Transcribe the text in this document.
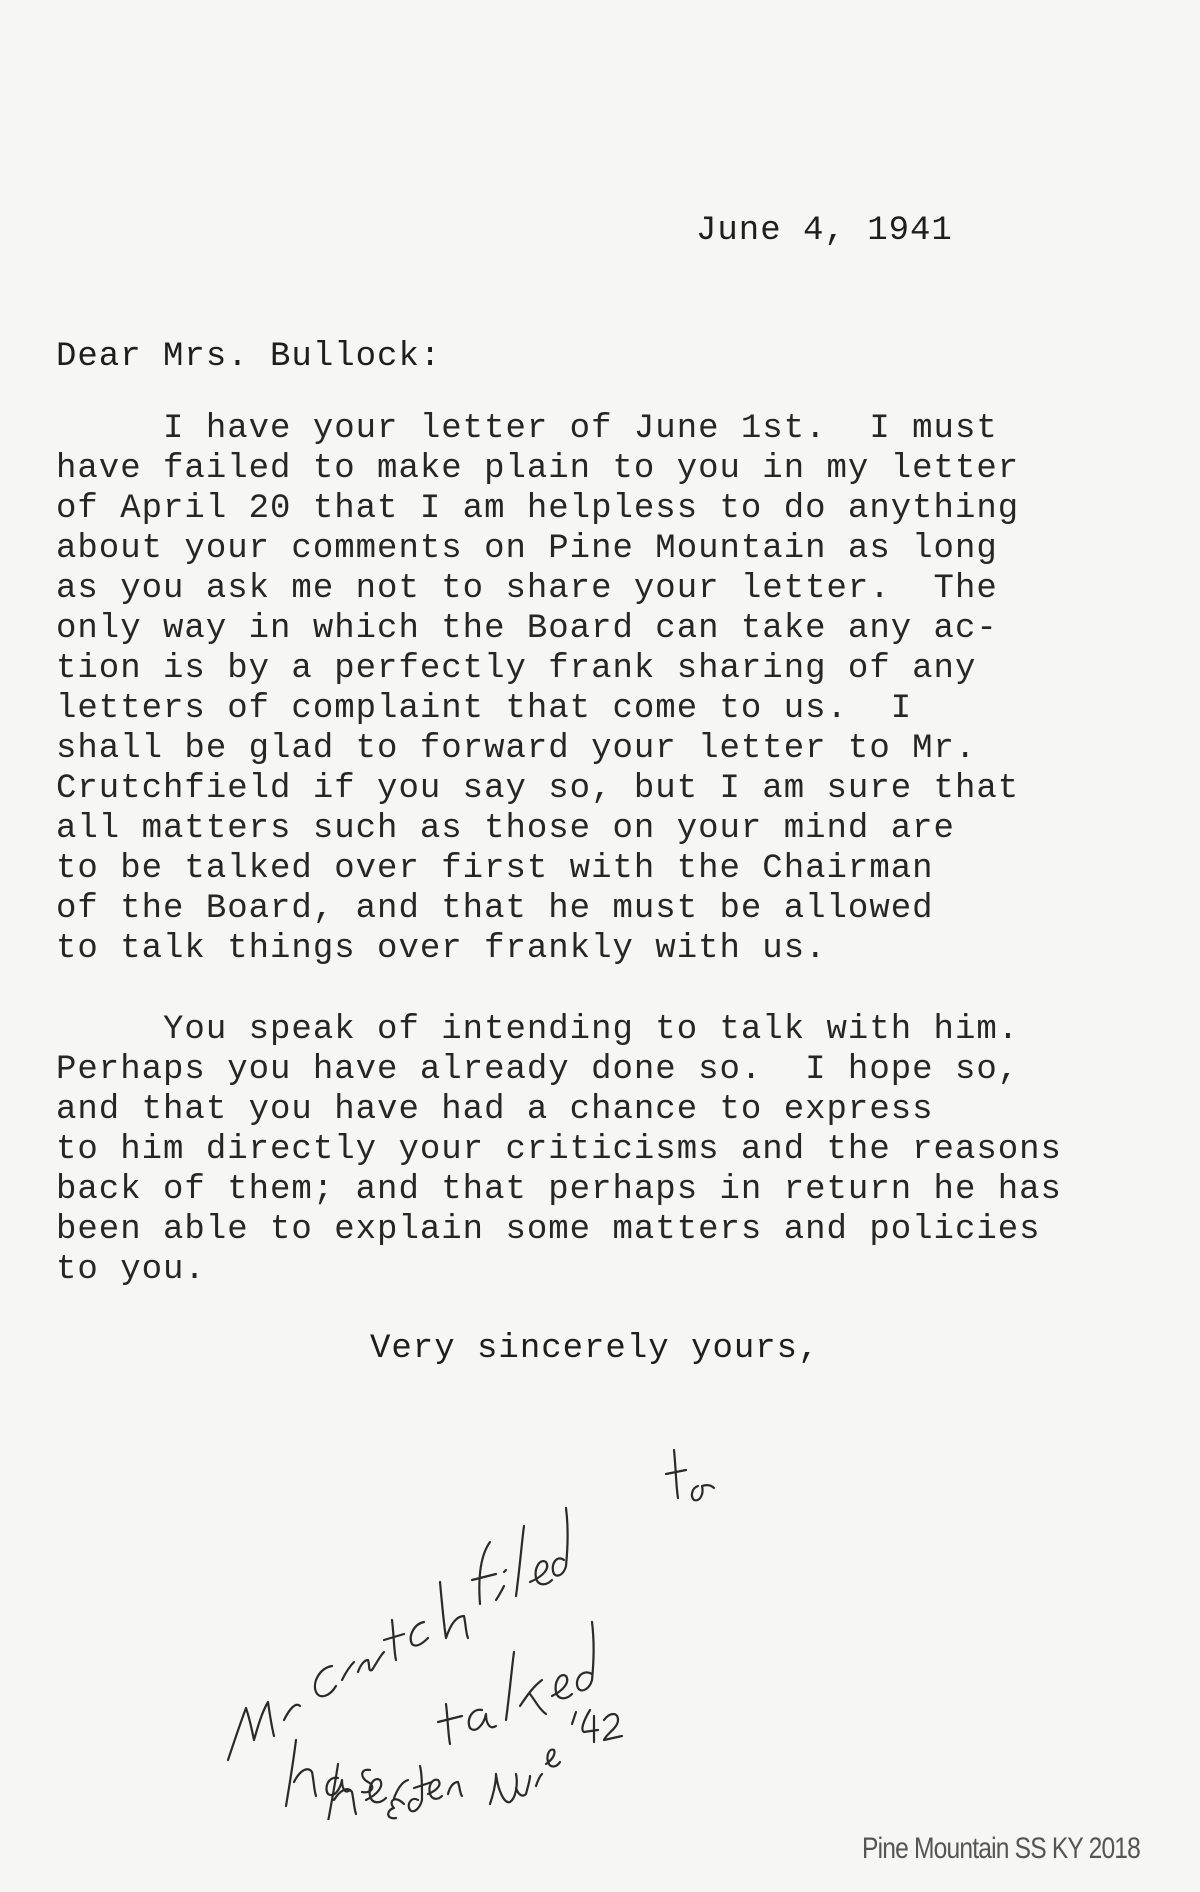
June 4, 1941
Dear Mrs. Bullock:
I have your letter of June 1st.  I must
have failed to make plain to you in my letter
of April 20 that I am helpless to do anything
about your comments on Pine Mountain as long
as you ask me not to share your letter.  The
only way in which the Board can take any ac-
tion is by a perfectly frank sharing of any
letters of complaint that come to us.  I
shall be glad to forward your letter to Mr.
Crutchfield if you say so, but I am sure that
all matters such as those on your mind are
to be talked over first with the Chairman
of the Board, and that he must be allowed
to talk things over frankly with us.
You speak of intending to talk with him.
Perhaps you have already done so.  I hope so,
and that you have had a chance to express
to him directly your criticisms and the reasons
back of them; and that perhaps in return he has
been able to explain some matters and policies
to you.
Very sincerely yours,
Pine Mountain SS KY 2018
